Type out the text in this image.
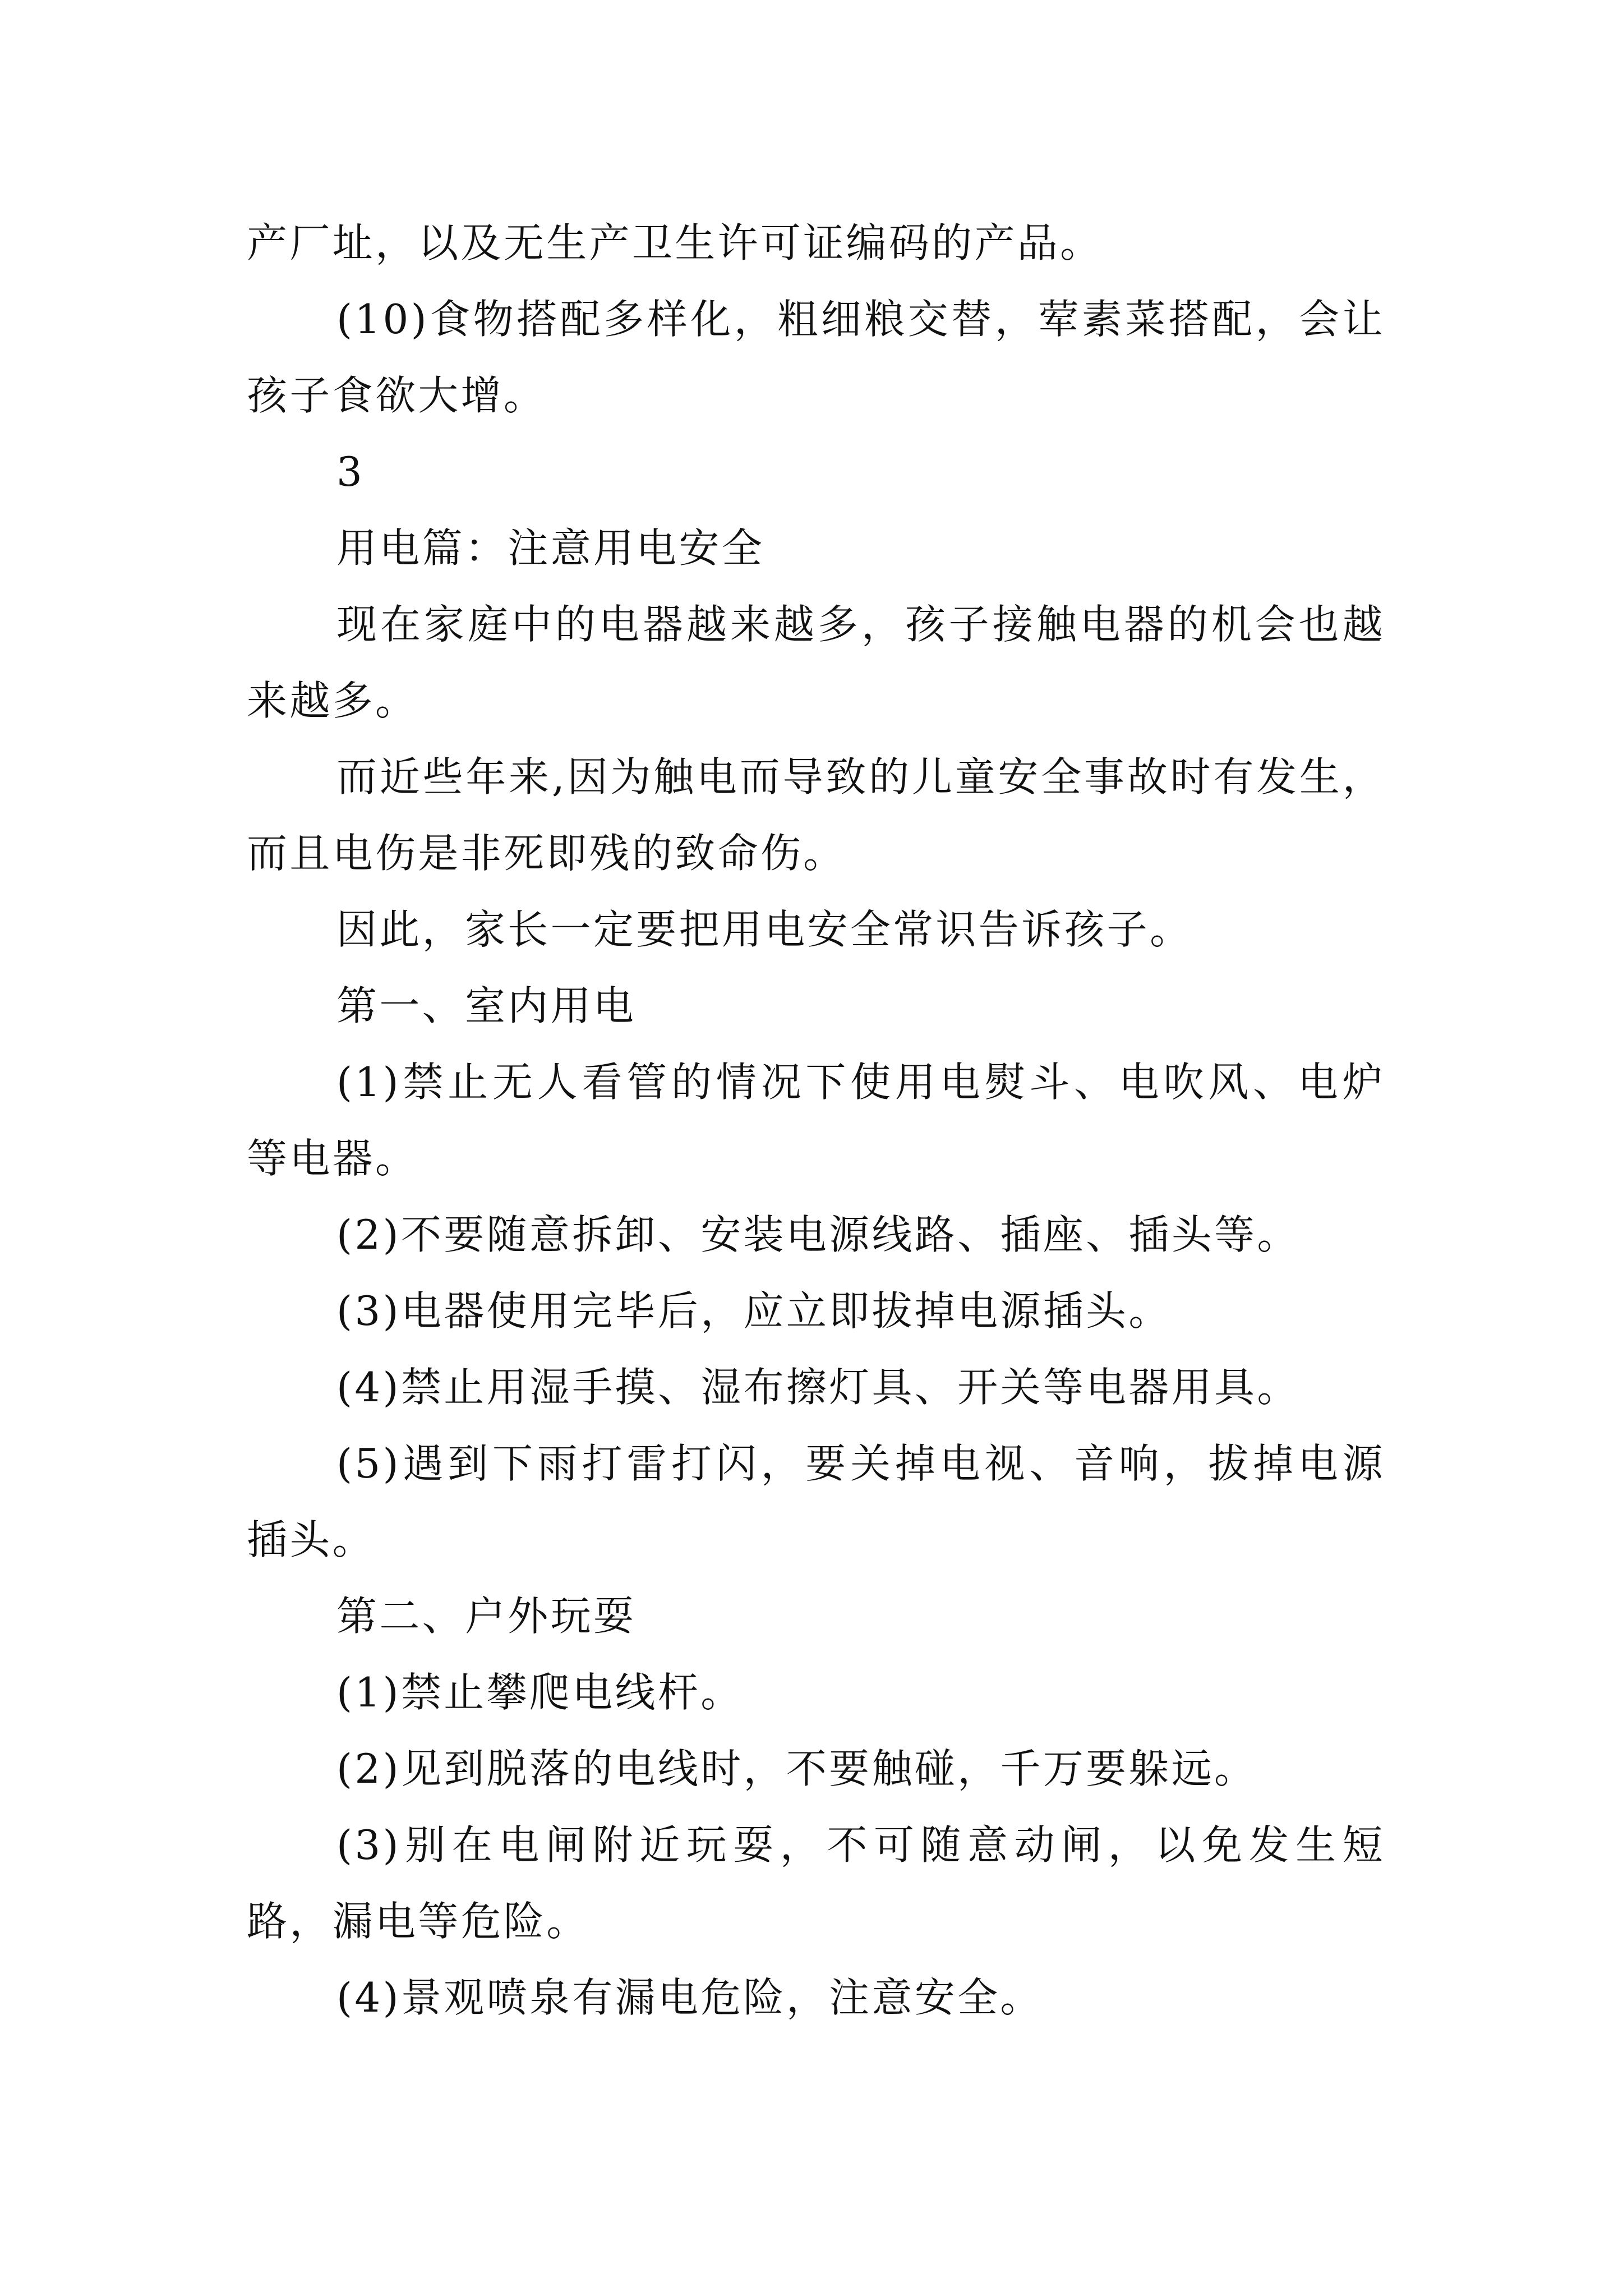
产厂址，以及无生产卫生许可证编码的产品。

(10)食物搭配多样化，粗细粮交替，荤素菜搭配，会让孩子食欲大增。

3

用电篇：注意用电安全

现在家庭中的电器越来越多，孩子接触电器的机会也越来越多。

而近些年来,因为触电而导致的儿童安全事故时有发生，而且电伤是非死即残的致命伤。

因此，家长一定要把用电安全常识告诉孩子。

第一、室内用电

(1)禁止无人看管的情况下使用电熨斗、电吹风、电炉等电器。

(2)不要随意拆卸、安装电源线路、插座、插头等。

(3)电器使用完毕后，应立即拔掉电源插头。

(4)禁止用湿手摸、湿布擦灯具、开关等电器用具。

(5)遇到下雨打雷打闪，要关掉电视、音响，拔掉电源插头。

第二、户外玩耍

(1)禁止攀爬电线杆。

(2)见到脱落的电线时，不要触碰，千万要躲远。

(3)别在电闸附近玩耍，不可随意动闸，以免发生短路，漏电等危险。

(4)景观喷泉有漏电危险，注意安全。
